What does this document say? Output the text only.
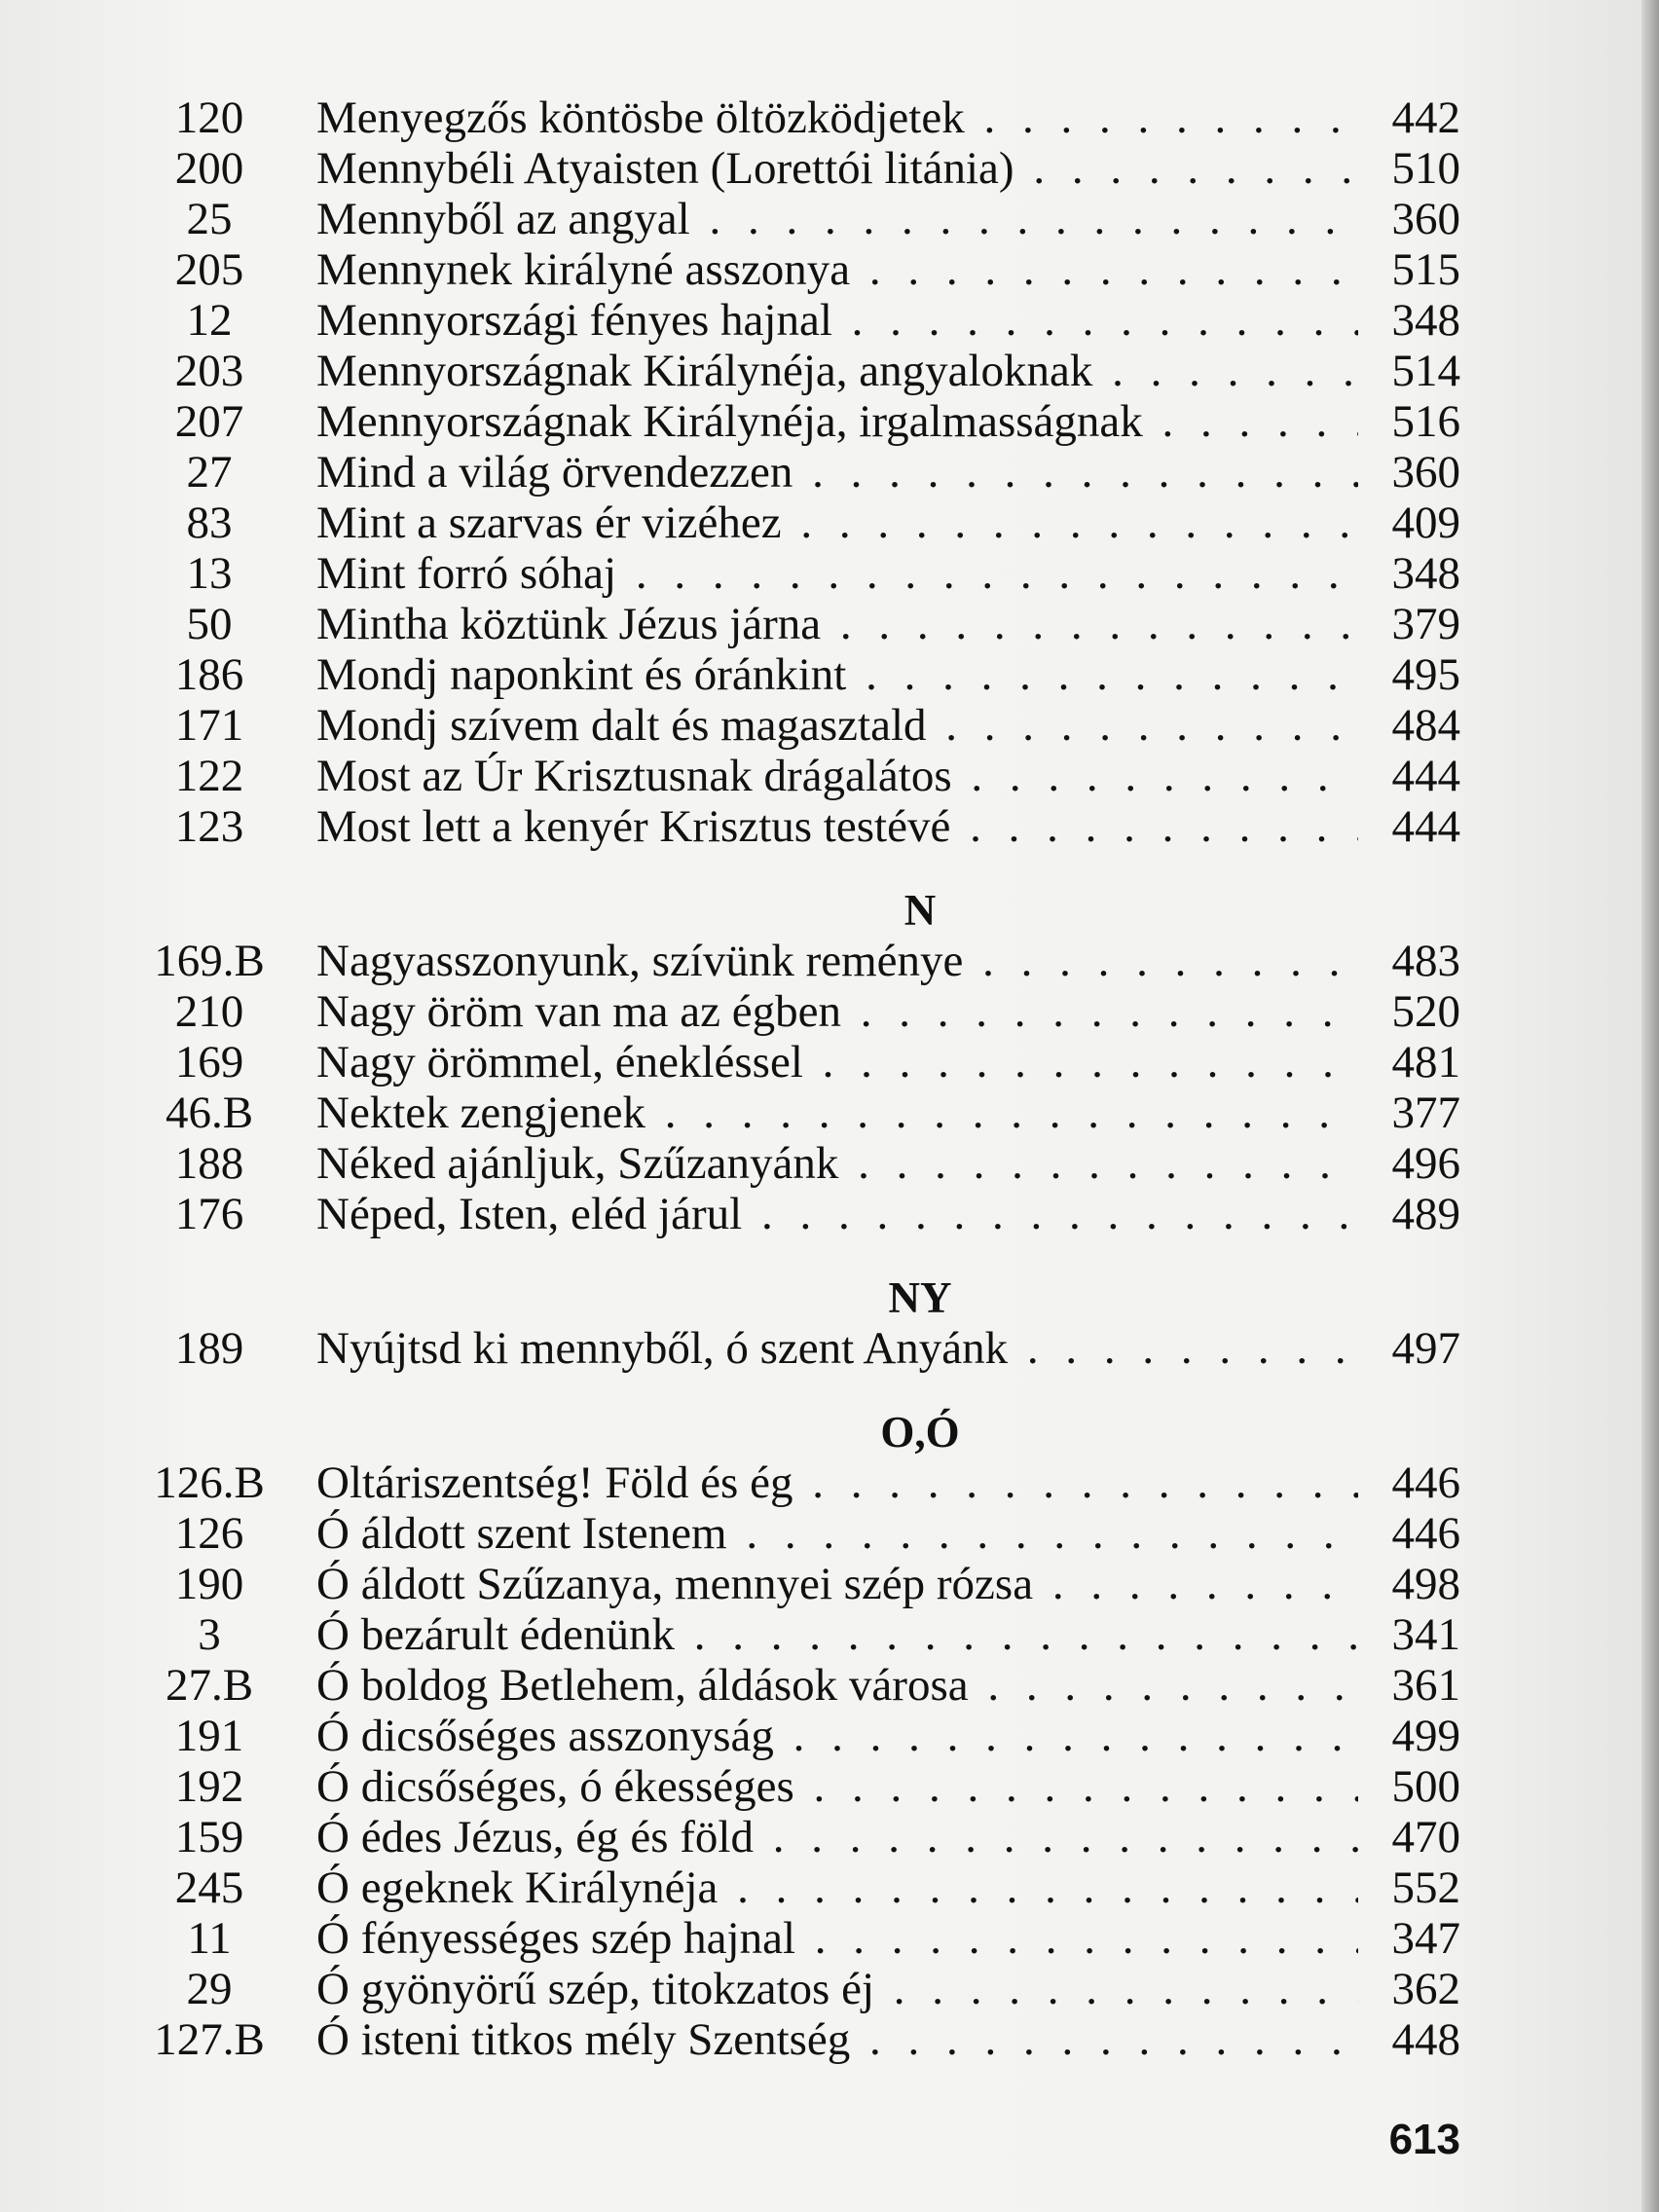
120	Menyegzős köntösbe öltözködjetek . . .	442
200	Mennybéli Atyaisten (Lorettói litánia) . . .	510
25	Mennyből az angyal . . .	360
205	Mennynek királyné asszonya . . .	515
12	Mennyországi fényes hajnal . . .	348
203	Mennyországnak Királynéja, angyaloknak . . .	514
207	Mennyországnak Királynéja, irgalmasságnak . . .	516
27	Mind a világ örvendezzen . . .	360
83	Mint a szarvas ér vizéhez . . .	409
13	Mint forró sóhaj . . .	348
50	Mintha köztünk Jézus járna . . .	379
186	Mondj naponkint és óránkint . . .	495
171	Mondj szívem dalt és magasztald . . .	484
122	Most az Úr Krisztusnak drágalátos . . .	444
123	Most lett a kenyér Krisztus testévé . . .	444
N
169.B Nagyasszonyunk, szívünk reménye . . .	483
210	Nagy öröm van ma az égben . . .	520
169	Nagy örömmel, énekléssel . . .	481
46.B	Nektek zengjenek . . .	377
188	Néked ajánljuk, Szűzanyánk . . .	496
176	Néped, Isten, eléd járul . . .	489
NY
189	Nyújtsd ki mennyből, ó szent Anyánk . . .	497
O,Ó
126.B Oltáriszentség! Föld és ég . . .	446
126	Ó áldott szent Istenem . . .	446
190	Ó áldott Szűzanya, mennyei szép rózsa . . .	498
3	Ó bezárult édenünk . . .	341
27.B	Ó boldog Betlehem, áldások városa . . .	361
191	Ó dicsőséges asszonyság . . .	499
192	Ó dicsőséges, ó ékességes . . .	500
159	Ó édes Jézus, ég és föld . . .	470
245	Ó egeknek Királynéja . . .	552
11	Ó fényességes szép hajnal . . .	347
29	Ó gyönyörű szép, titokzatos éj . . .	362
127.B Ó isteni titkos mély Szentség . . .	448
613
